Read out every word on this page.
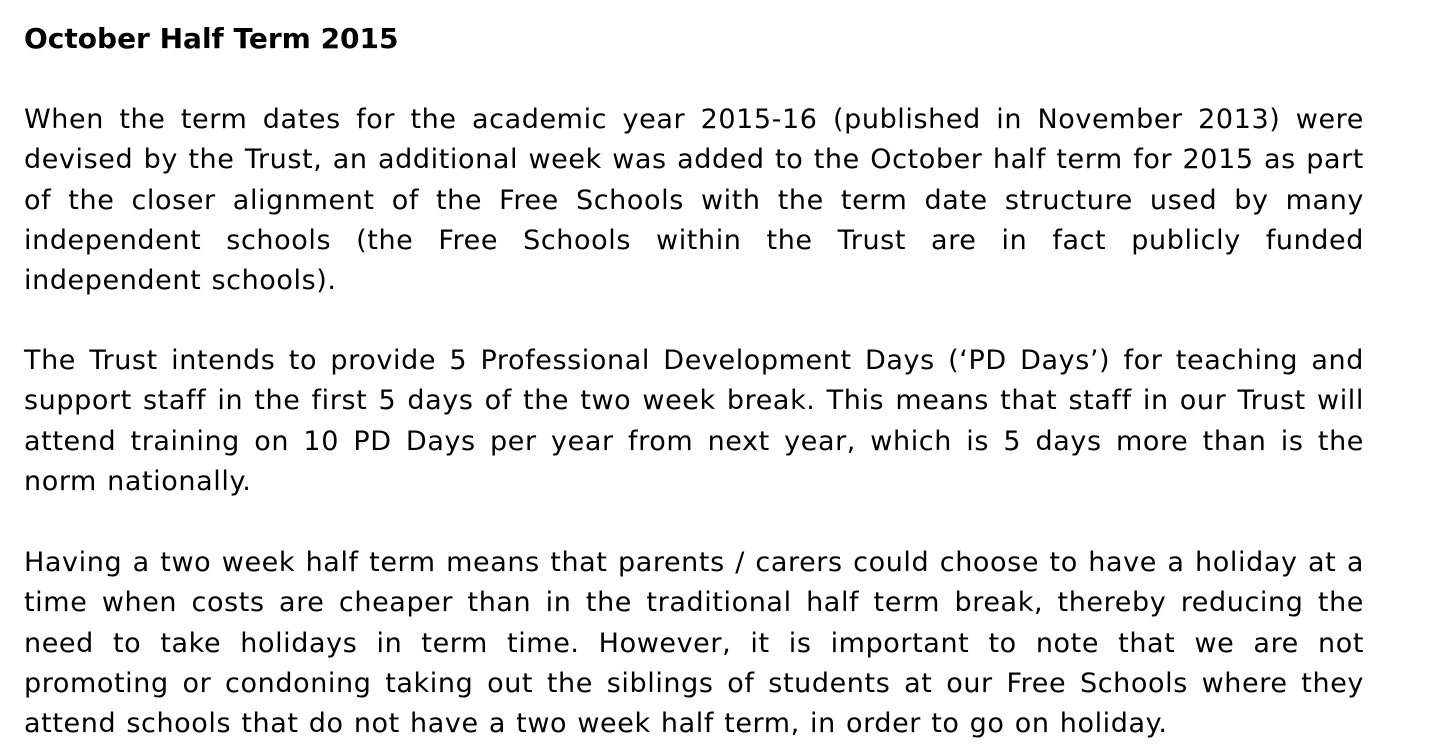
October Half Term 2015

When the term dates for the academic year 2015-16 (published in November 2013) were devised by the Trust, an additional week was added to the October half term for 2015 as part of the closer alignment of the Free Schools with the term date structure used by many independent schools (the Free Schools within the Trust are in fact publicly funded independent schools).

The Trust intends to provide 5 Professional Development Days (‘PD Days’) for teaching and support staff in the first 5 days of the two week break. This means that staff in our Trust will attend training on 10 PD Days per year from next year, which is 5 days more than is the norm nationally.

Having a two week half term means that parents / carers could choose to have a holiday at a time when costs are cheaper than in the traditional half term break, thereby reducing the need to take holidays in term time. However, it is important to note that we are not promoting or condoning taking out the siblings of students at our Free Schools where they attend schools that do not have a two week half term, in order to go on holiday.
